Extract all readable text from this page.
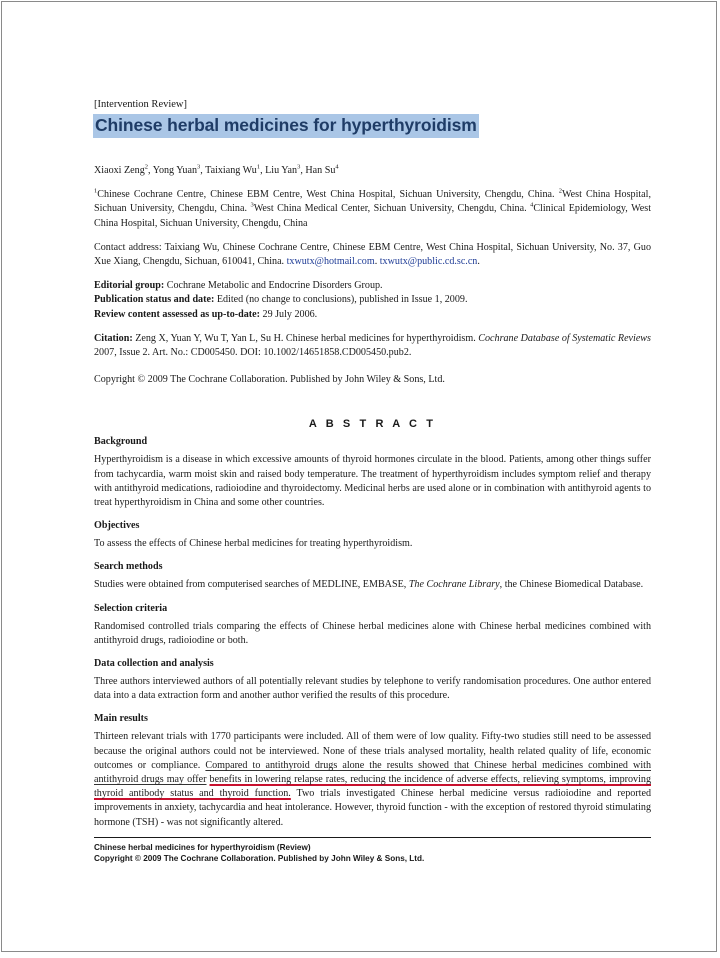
[Intervention Review]

Chinese herbal medicines for hyperthyroidism

Xiaoxi Zeng$^2$, Yong Yuan$^3$, Taixiang Wu$^1$, Liu Yan$^3$, Han Su$^4$

$^1$Chinese Cochrane Centre, Chinese EBM Centre, West China Hospital, Sichuan University, Chengdu, China. $^2$West China Hospital, Sichuan University, Chengdu, China. $^3$West China Medical Center, Sichuan University, Chengdu, China. $^4$Clinical Epidemiology, West China Hospital, Sichuan University, Chengdu, China

Contact address: Taixiang Wu, Chinese Cochrane Centre, Chinese EBM Centre, West China Hospital, Sichuan University, No. 37, Guo Xue Xiang, Chengdu, Sichuan, 610041, China. txwutx@hotmail.com. txwutx@public.cd.sc.cn.

Editorial group: Cochrane Metabolic and Endocrine Disorders Group.
Publication status and date: Edited (no change to conclusions), published in Issue 1, 2009.
Review content assessed as up-to-date: 29 July 2006.

Citation: Zeng X, Yuan Y, Wu T, Yan L, Su H. Chinese herbal medicines for hyperthyroidism. Cochrane Database of Systematic Reviews 2007, Issue 2. Art. No.: CD005450. DOI: 10.1002/14651858.CD005450.pub2.

Copyright © 2009 The Cochrane Collaboration. Published by John Wiley & Sons, Ltd.

A B S T R A C T
Background

Hyperthyroidism is a disease in which excessive amounts of thyroid hormones circulate in the blood. Patients, among other things suffer from tachycardia, warm moist skin and raised body temperature. The treatment of hyperthyroidism includes symptom relief and therapy with antithyroid medications, radioiodine and thyroidectomy. Medicinal herbs are used alone or in combination with antithyroid agents to treat hyperthyroidism in China and some other countries.

Objectives

To assess the effects of Chinese herbal medicines for treating hyperthyroidism.

Search methods

Studies were obtained from computerised searches of MEDLINE, EMBASE, The Cochrane Library, the Chinese Biomedical Database.

Selection criteria

Randomised controlled trials comparing the effects of Chinese herbal medicines alone with Chinese herbal medicines combined with antithyroid drugs, radioiodine or both.

Data collection and analysis

Three authors interviewed authors of all potentially relevant studies by telephone to verify randomisation procedures. One author entered data into a data extraction form and another author verified the results of this procedure.

Main results

Thirteen relevant trials with 1770 participants were included. All of them were of low quality. Fifty-two studies still need to be assessed because the original authors could not be interviewed. None of these trials analysed mortality, health related quality of life, economic outcomes or compliance. Compared to antithyroid drugs alone the results showed that Chinese herbal medicines combined with antithyroid drugs may offer benefits in lowering relapse rates, reducing the incidence of adverse effects, relieving symptoms, improving thyroid antibody status and thyroid function. Two trials investigated Chinese herbal medicine versus radioiodine and reported improvements in anxiety, tachycardia and heat intolerance. However, thyroid function - with the exception of restored thyroid stimulating hormone (TSH) - was not significantly altered.

Chinese herbal medicines for hyperthyroidism (Review)
Copyright © 2009 The Cochrane Collaboration. Published by John Wiley & Sons, Ltd.
